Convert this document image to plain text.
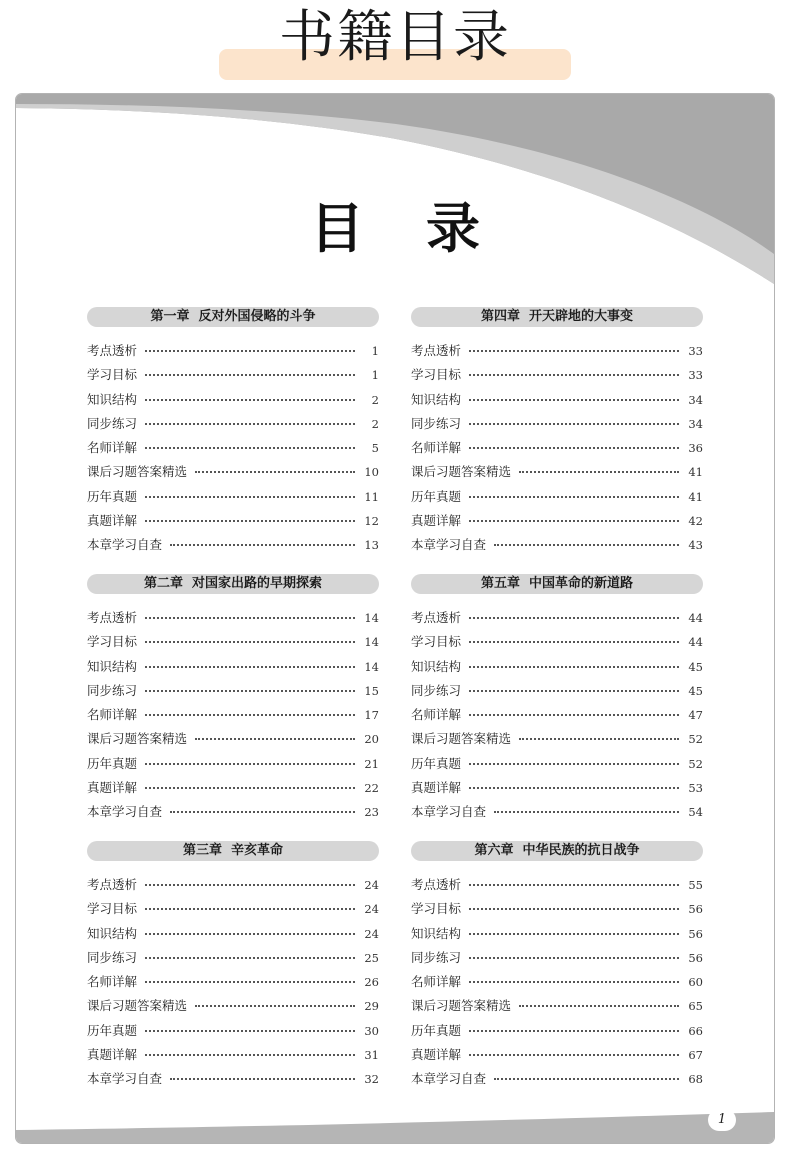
书籍目录
目录
第一章  反对外国侵略的斗争
考点透析	1
学习目标	1
知识结构	2
同步练习	2
名师详解	5
课后习题答案精选	10
历年真题	11
真题详解	12
本章学习自查	13
第二章  对国家出路的早期探索
考点透析	14
学习目标	14
知识结构	14
同步练习	15
名师详解	17
课后习题答案精选	20
历年真题	21
真题详解	22
本章学习自查	23
第三章  辛亥革命
考点透析	24
学习目标	24
知识结构	24
同步练习	25
名师详解	26
课后习题答案精选	29
历年真题	30
真题详解	31
本章学习自查	32
第四章  开天辟地的大事变
考点透析	33
学习目标	33
知识结构	34
同步练习	34
名师详解	36
课后习题答案精选	41
历年真题	41
真题详解	42
本章学习自查	43
第五章  中国革命的新道路
考点透析	44
学习目标	44
知识结构	45
同步练习	45
名师详解	47
课后习题答案精选	52
历年真题	52
真题详解	53
本章学习自查	54
第六章  中华民族的抗日战争
考点透析	55
学习目标	56
知识结构	56
同步练习	56
名师详解	60
课后习题答案精选	65
历年真题	66
真题详解	67
本章学习自查	68
1
